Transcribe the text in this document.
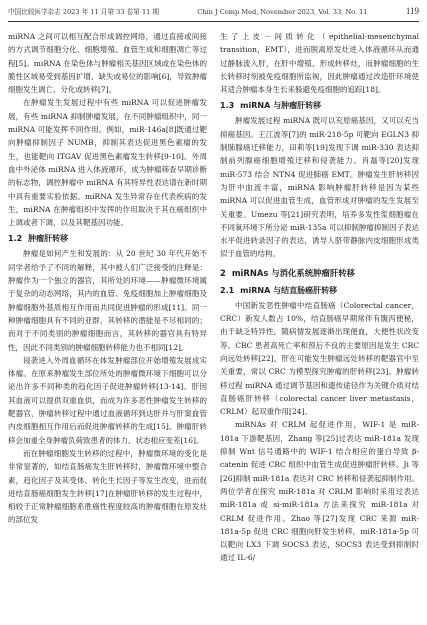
中国比较医学杂志 2023 年 11 月第 33 卷第 11 期	Chin J Comp Med, November 2023, Vol. 33, No. 11	119

miRNA 之间可以相互配合形成调控网络，通过直接或间接的方式调节细胞分化、细胞增殖、血管生成和细胞凋亡等过程[5]。miRNA 在染色体与肿瘤相关基因区域或在染色体的脆性区域易受到基因扩增、缺失或易位的影响[6]，导致肿瘤细胞发生调亡、分化或转移[7]。

在肿瘤发生发展过程中有些 miRNA 可以促进肿瘤发展，有些 miRNA 抑制肿瘤发展，在不同肿瘤组织中，同一 miRNA 可能发挥不同作用。例如，miR-146a[8]既通过靶向肿瘤抑制因子 NUMB，抑制其表达促进黑色素瘤的发生，也能靶向 ITGAV 促进黑色素瘤发生转移[9-10]。外周血中外泌体 miRNA 进入体液循环，成为肿瘤筛查早期诊断的标志物，调控肿瘤中 miRNA 有其特异性表达谱在新时期中具有重要实验依据。miRNA 发生异常存在代表疾病的发生，miRNA 在肿瘤组织中发挥的作用取决于其在癌组织中上调或者下调，以及其靶基因功能。

1.2 肿瘤肝转移

肿瘤是如何产生和发展的：从 20 世纪 30 年代开始不同学者给予了不同的解释，其中被人们广泛接受的注释是：肿瘤作为一个独立的器官，其所处的环境——肿瘤微环境属于复杂的动态网络，其内的血管、免疫细胞加上肿瘤细胞及肿瘤细胞外基质相互作用而共同促进肿瘤的形成[11]。同一种肿瘤细胞具有不同的亚群，其转移的潜能是不尽相同的；而对于不同类别的肿瘤细胞而言，其转移的器官具有特异性，因此不同类别的肿瘤细胞转移能力也不相同[12]。

侵袭进入外周血循环在体发肿瘤部位开始增殖发展成实体瘤。在原来肿瘤发生部位所处的肿瘤微环境下细胞可以分泌出许多不同种类的趋化因子促进肿瘤转移[13-14]。肝因其血液可以提供双重血供，而成为许多恶性肿瘤发生转移的靶器官，肿瘤转移过程中通过血液循环到达肝并与肝窦血管内皮细胞相互作用后而促进肿瘤转移的生成[15]。肿瘤肝转移会加重全身肿瘤负荷致患者的体力、状态相应变差[16]。

而在肿瘤细胞发生转移的过程中，肿瘤微环境的变化是非常显著的，如结直肠癌发生肝转移时，肿瘤微环境中整合素，趋化因子及其受体、转化生长因子等发生改变，进而促进结直肠癌细胞发生转移[17]在肿瘤肝转移的发生过程中，相较于正常肿瘤细胞系胜癌性程度较高的肿瘤细胞在原发灶的部位发

生了上皮－间质转化（epithelial-mesenchymal transition，EMT），进而脱离原发灶进入体液循环从而通过静脉流入肝，在肝中增殖、形成转移灶，而肿瘤细胞的生长转移时刻被免疫细胞所监视，因此肿瘤通过改造肝环境使其适合肿瘤本身生长来躲避免疫细胞的追踪[18]。

1.3 miRNA 与肿瘤肝转移

肿瘤发展过程 miRNA 既可以充原癌基因，又可以充当抑癌基因。王江波等[7]的 miR-218-5p 可靶向 EGLN3 抑制肺腺癌迁移能力，田莉等[19]发现下调 miR-330 表达抑制前列腺癌细胞增殖迁移和侵袭能力。肖磊等[20]发现 miR-573 结合 NTN4 促进肺癌 EMT。肿瘤发生肝转移因为肝中血流丰富，miRNA 影响肿瘤肝转移是因为某些 miRNA 可以促进血管生成，血管形成对肿瘤的发生发展至关重要。Umezu 等[21]研究表明，培养多发性浆细胞瘤在不同氧环境下所分泌 miR-135a 可以抑制肿瘤抑制因子表达水平促进转录因子的表达，诱导人脐带静脉内皮细胞形成类似于血管的结构。

2 miRNAs 与消化系统肿瘤肝转移
2.1 miRNA 与结直肠癌肝转移

中国新发恶性肿瘤中结直肠癌（Colorectal cancer，CRC）新发人数占 10%，结直肠癌早期常伴有腹泻便秘，由于缺乏特异性，随病情发展逐渐出现便血，大便性状改变等。CRC 患者高死亡率和预后不良的主要原因是发生 CRC 向远处转移[22]，肝在可能发生肿瘤远处转移的靶器官中至关重要，常以 CRC 为模型探究肿瘤的肝转移[23]。肿瘤转移过程 miRNA 通过调节基因和遗传途径作为关键介质对结直肠癌肝转移（colorectal cancer liver metastasis，CRLM）起双重作用[24]。

miRNAs 对 CRLM 起促进作用，WIF-1 是 miR-181a 下游靶基因，Zhang 等[25]过表达 miR-181a 发现抑制 Wnt 信号通路中的 WIF-1 结合相应的蛋白导致 β-catenin 促进 CRC 组织中血管生成促进肿瘤肝转移。Ji 等[26]抑制 miR-181a 表达对 CRC 转移和侵袭起抑制作用。两位学者在探究 miR-181a 对 CRLM 影响时采用过表达 miR-181a 或 si-miR-181a 方法来探究 miR-181a 对 CRLM 促进作用。Zhao 等[27]发现 CRC 来源 miR-181a-5p 促进 CRC 细胞向肝发生转移，miR-181a-5p 可以靶向 LX3 下调 SOCS3 表达，SOCS3 表达受到抑制时通过 IL-6/
